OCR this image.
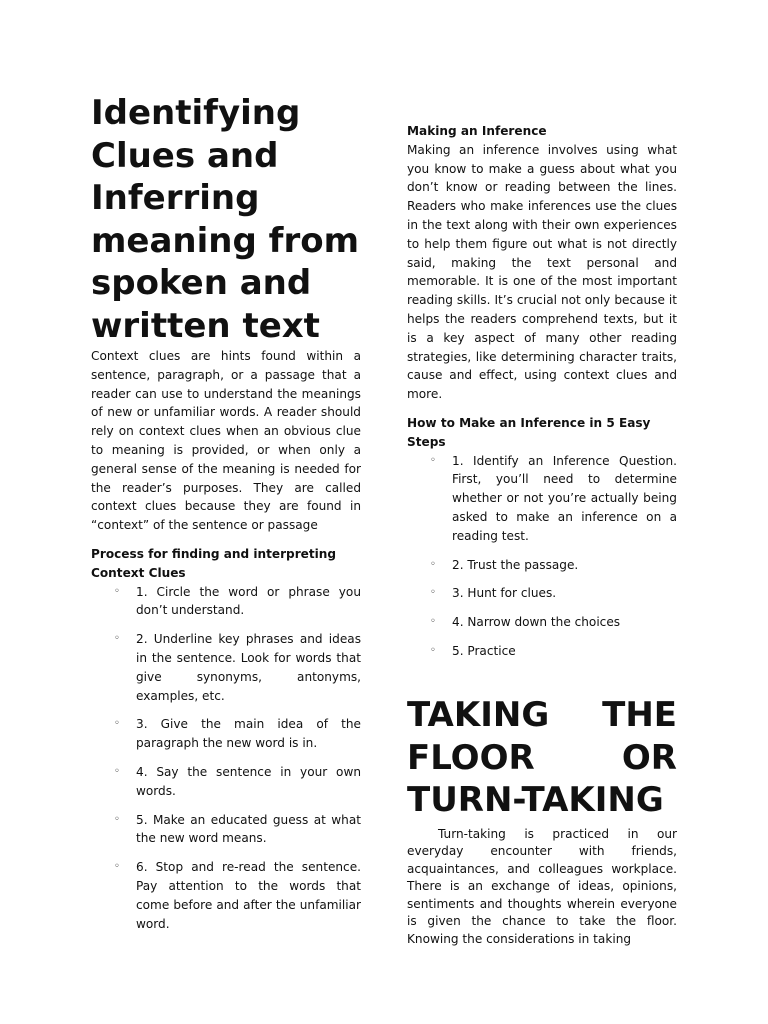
Identifying Clues and Inferring meaning from spoken and written text

Context clues are hints found within a sentence, paragraph, or a passage that a reader can use to understand the meanings of new or unfamiliar words. A reader should rely on context clues when an obvious clue to meaning is provided, or when only a general sense of the meaning is needed for the reader’s purposes. They are called context clues because they are found in “context” of the sentence or passage

Process for finding and interpreting Context Clues

◦ 1. Circle the word or phrase you don’t understand.
◦ 2. Underline key phrases and ideas in the sentence. Look for words that give synonyms, antonyms, examples, etc.
◦ 3. Give the main idea of the paragraph the new word is in.
◦ 4. Say the sentence in your own words.
◦ 5. Make an educated guess at what the new word means.
◦ 6. Stop and re-read the sentence. Pay attention to the words that come before and after the unfamiliar word.

Making an Inference

Making an inference involves using what you know to make a guess about what you don’t know or reading between the lines. Readers who make inferences use the clues in the text along with their own experiences to help them figure out what is not directly said, making the text personal and memorable. It is one of the most important reading skills. It’s crucial not only because it helps the readers comprehend texts, but it is a key aspect of many other reading strategies, like determining character traits, cause and effect, using context clues and more.

How to Make an Inference in 5 Easy Steps

◦ 1. Identify an Inference Question. First, you’ll need to determine whether or not you’re actually being asked to make an inference on a reading test.
◦ 2. Trust the passage.
◦ 3. Hunt for clues.
◦ 4. Narrow down the choices
◦ 5. Practice
TAKING THE
FLOOR	OR
TURN-TAKING

Turn-taking is practiced in our everyday encounter with friends, acquaintances, and colleagues workplace. There is an exchange of ideas, opinions, sentiments and thoughts wherein everyone is given the chance to take the floor. Knowing the considerations in taking
